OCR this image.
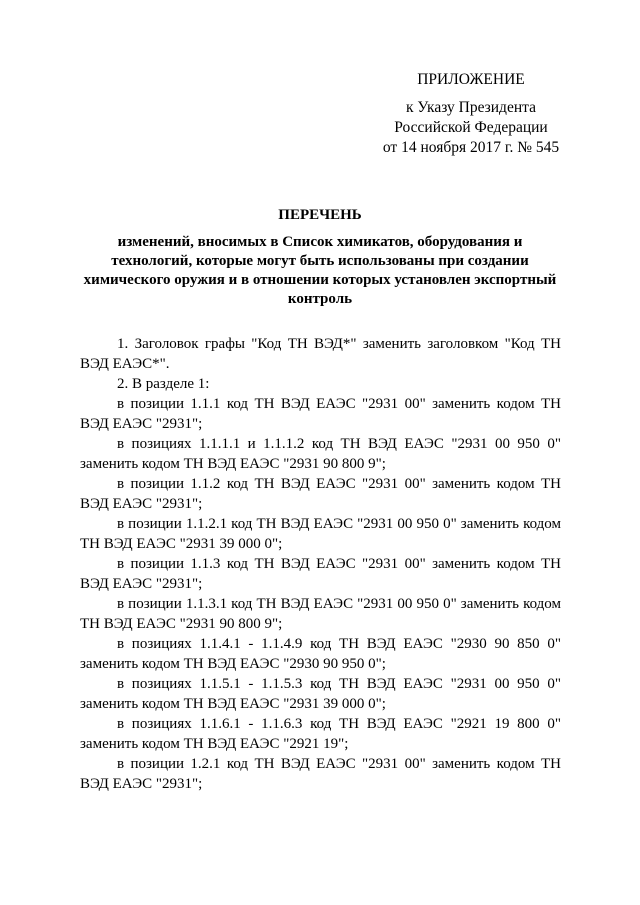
ПРИЛОЖЕНИЕ
к Указу Президента
Российской Федерации
от 14 ноября 2017 г. № 545
ПЕРЕЧЕНЬ
изменений, вносимых в Список химикатов, оборудования и технологий, которые могут быть использованы при создании химического оружия и в отношении которых установлен экспортный контроль

1. Заголовок графы "Код ТН ВЭД*" заменить заголовком "Код ТН ВЭД ЕАЭС*".

2. В разделе 1:

в позиции 1.1.1 код ТН ВЭД ЕАЭС "2931 00" заменить кодом ТН ВЭД ЕАЭС "2931";

в позициях 1.1.1.1 и 1.1.1.2 код ТН ВЭД ЕАЭС "2931 00 950 0" заменить кодом ТН ВЭД ЕАЭС "2931 90 800 9";

в позиции 1.1.2 код ТН ВЭД ЕАЭС "2931 00" заменить кодом ТН ВЭД ЕАЭС "2931";

в позиции 1.1.2.1 код ТН ВЭД ЕАЭС "2931 00 950 0" заменить кодом ТН ВЭД ЕАЭС "2931 39 000 0";

в позиции 1.1.3 код ТН ВЭД ЕАЭС "2931 00" заменить кодом ТН ВЭД ЕАЭС "2931";

в позиции 1.1.3.1 код ТН ВЭД ЕАЭС "2931 00 950 0" заменить кодом ТН ВЭД ЕАЭС "2931 90 800 9";

в позициях 1.1.4.1 - 1.1.4.9 код ТН ВЭД ЕАЭС "2930 90 850 0" заменить кодом ТН ВЭД ЕАЭС "2930 90 950 0";

в позициях 1.1.5.1 - 1.1.5.3 код ТН ВЭД ЕАЭС "2931 00 950 0" заменить кодом ТН ВЭД ЕАЭС "2931 39 000 0";

в позициях 1.1.6.1 - 1.1.6.3 код ТН ВЭД ЕАЭС "2921 19 800 0" заменить кодом ТН ВЭД ЕАЭС "2921 19";

в позиции 1.2.1 код ТН ВЭД ЕАЭС "2931 00" заменить кодом ТН ВЭД ЕАЭС "2931";
